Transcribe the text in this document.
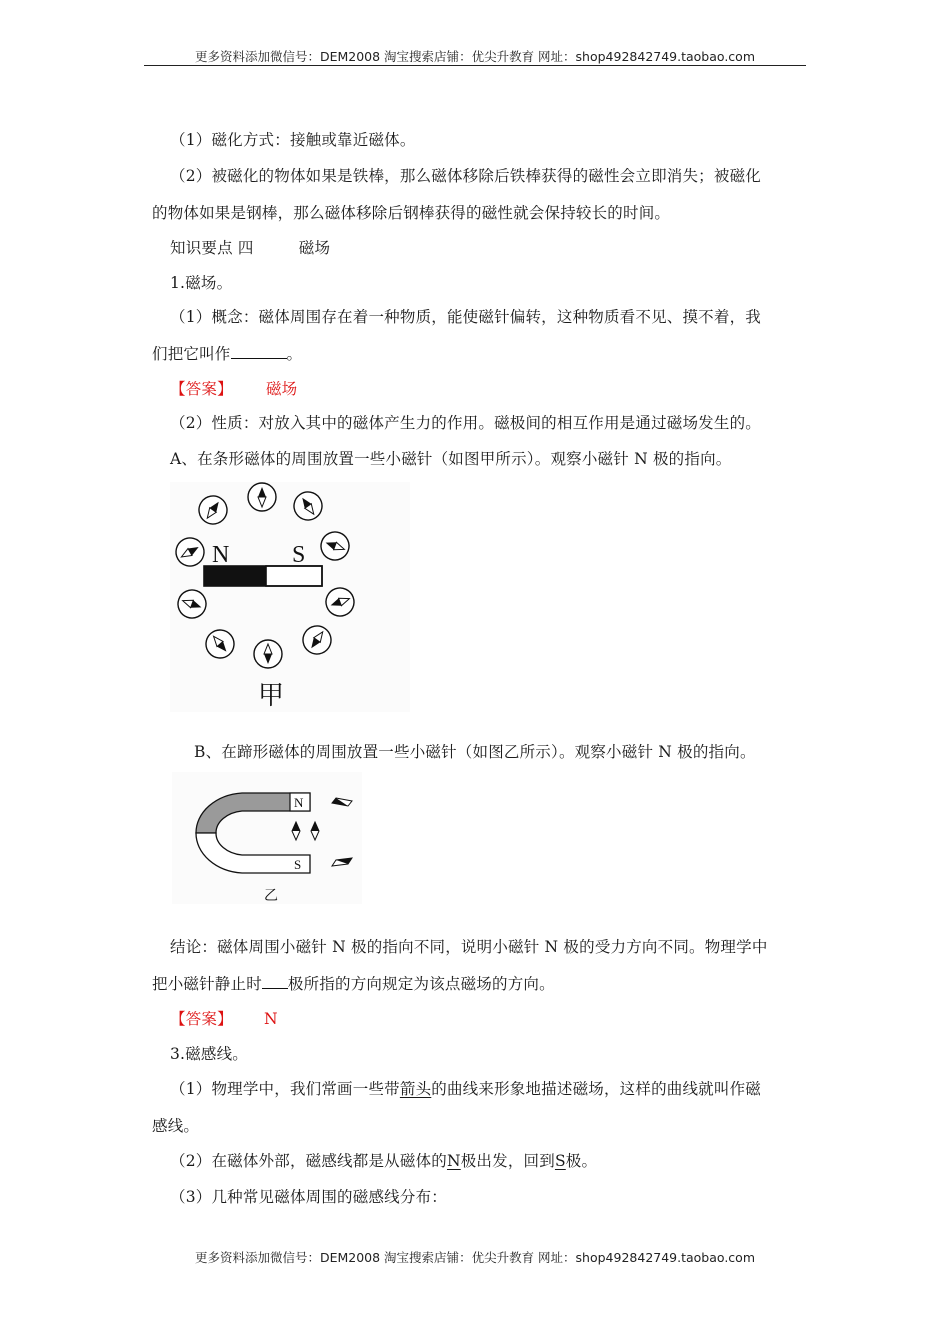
更多资料添加微信号：DEM2008 淘宝搜索店铺：优尖升教育 网址：shop492842749.taobao.com
（1）磁化方式：接触或靠近磁体。
（2）被磁化的物体如果是铁棒，那么磁体移除后铁棒获得的磁性会立即消失；被磁化
的物体如果是钢棒，那么磁体移除后钢棒获得的磁性就会保持较长的时间。
知识要点 四	磁场
1.磁场。
（1）概念：磁体周围存在着一种物质，能使磁针偏转，这种物质看不见、摸不着，我
们把它叫作	。
【答案】 磁场
（2）性质：对放入其中的磁体产生力的作用。磁极间的相互作用是通过磁场发生的。
A、在条形磁体的周围放置一些小磁针（如图甲所示）。观察小磁针 N 极的指向。
N	S
甲
B、在蹄形磁体的周围放置一些小磁针（如图乙所示）。观察小磁针 N 极的指向。
N
S
乙
结论：磁体周围小磁针 N 极的指向不同，说明小磁针 N 极的受力方向不同。物理学中
把小磁针静止时 极所指的方向规定为该点磁场的方向。
【答案】 N
3.磁感线。
（1）物理学中，我们常画一些带箭头的曲线来形象地描述磁场，这样的曲线就叫作磁
感线。
（2）在磁体外部，磁感线都是从磁体的N极出发，回到S极。
（3）几种常见磁体周围的磁感线分布：
更多资料添加微信号：DEM2008 淘宝搜索店铺：优尖升教育 网址：shop492842749.taobao.com
